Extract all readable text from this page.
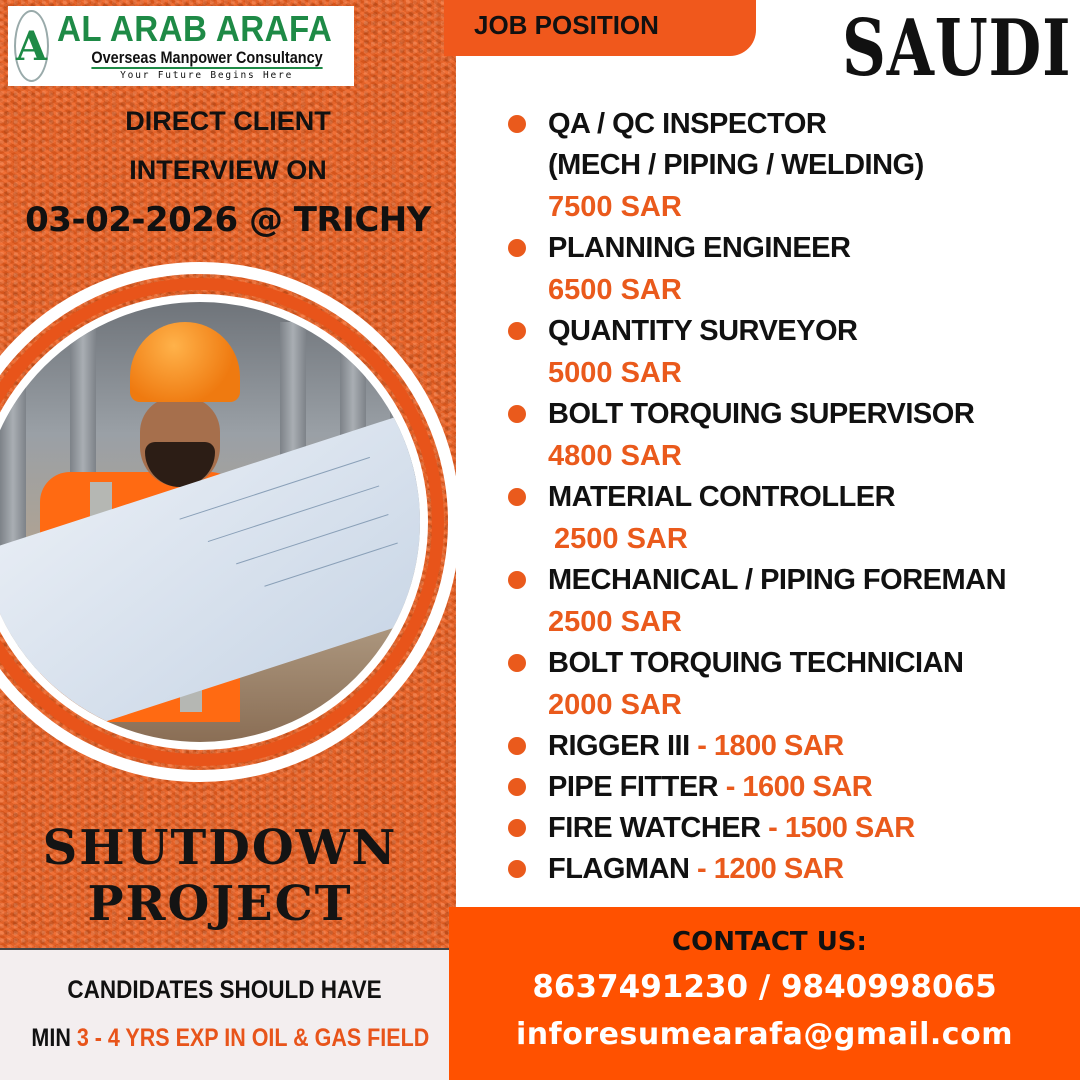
A AL ARAB ARAFA
Overseas Manpower Consultancy
Your Future Begins Here
DIRECT CLIENT
INTERVIEW ON
03-02-2026 @ TRICHY
SHUTDOWN
PROJECT
CANDIDATES SHOULD HAVE
MIN 3 - 4 YRS EXP IN OIL & GAS FIELD
JOB POSITION SAUDI
QA / QC INSPECTOR
(MECH / PIPING / WELDING)
7500 SAR
PLANNING ENGINEER
6500 SAR
QUANTITY SURVEYOR
5000 SAR
BOLT TORQUING SUPERVISOR
4800 SAR
MATERIAL CONTROLLER
2500 SAR
MECHANICAL / PIPING FOREMAN
2500 SAR
BOLT TORQUING TECHNICIAN
2000 SAR
RIGGER III - 1800 SAR
PIPE FITTER - 1600 SAR
FIRE WATCHER - 1500 SAR
FLAGMAN - 1200 SAR
CONTACT US:
8637491230 / 9840998065
inforesumearafa@gmail.com
